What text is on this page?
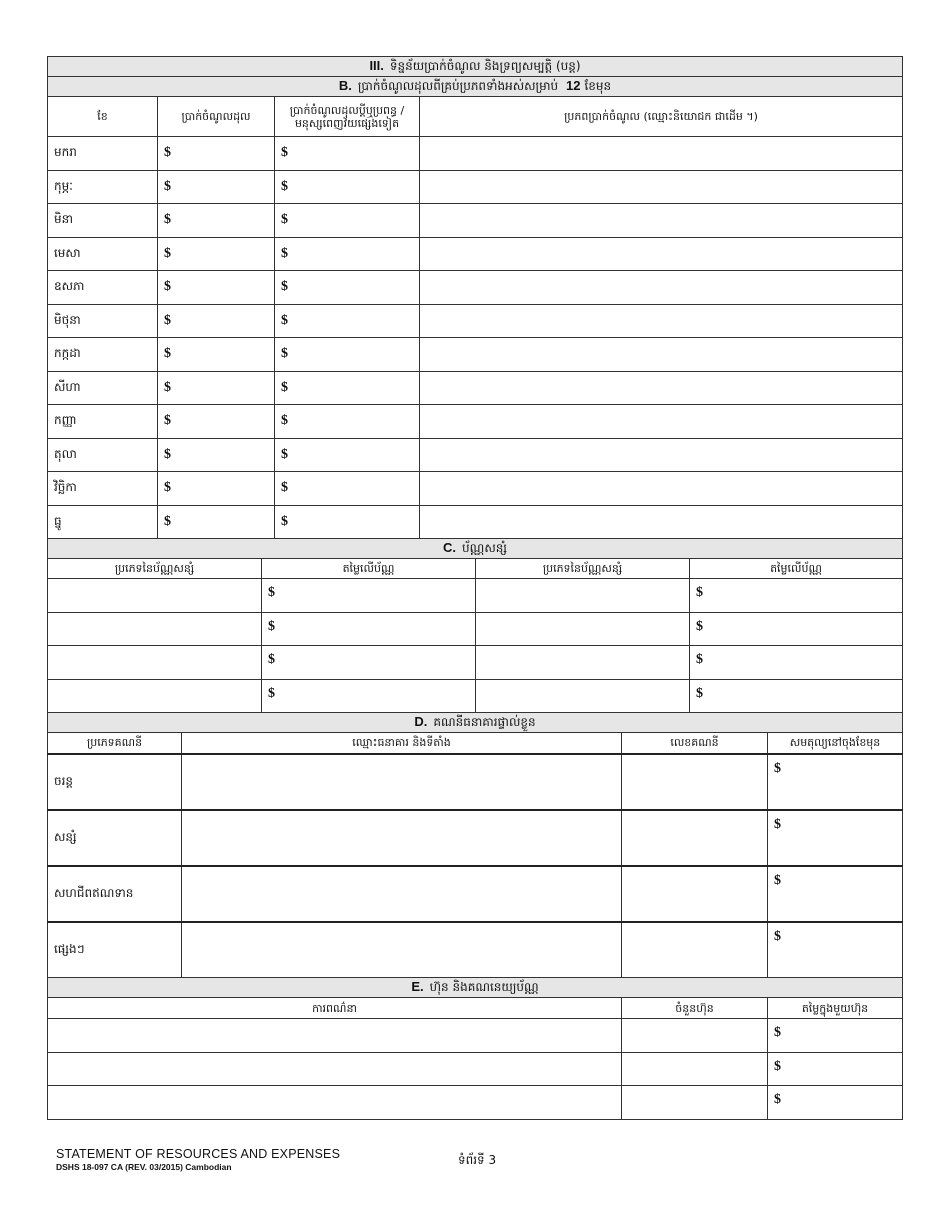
III. ទិន្នន័យប្រាក់ចំណូល និងទ្រព្យសម្បត្តិ (បន្ត)			
B. ប្រាក់ចំណូលដុលពីគ្រប់ប្រភពទាំងអស់សម្រាប់ 12 ខែមុន			
ខែ	ប្រាក់ចំណូលដុល	ប្រាក់ចំណូលដុលប្តីឬប្រពន្ធ / មនុស្សពេញវ័យផ្សេងទៀត	ប្រភពប្រាក់ចំណូល (ឈ្មោះនិយោជក ជាដើម ។)
មករា	$	$	
កុម្ភៈ	$	$	
មិនា	$	$	
មេសា	$	$	
ឧសភា	$	$	
មិថុនា	$	$	
កក្កដា	$	$	
សីហា	$	$	
កញ្ញា	$	$	
តុលា	$	$	
វិច្ឆិកា	$	$	
ធ្នូ	$	$	
C. ប័ណ្ណសន្សំ			
ប្រភេទនៃប័ណ្ណសន្សំ	តម្លៃលើប័ណ្ណ	ប្រភេទនៃប័ណ្ណសន្សំ	តម្លៃលើប័ណ្ណ
	$		$
	$		$
	$		$
	$		$
D. គណនីធនាគារផ្ទាល់ខ្លួន			
ប្រភេទគណនី	ឈ្មោះធនាគារ និងទីតាំង	លេខគណនី	សមតុល្យនៅចុងខែមុន
ចរន្ត			$
សន្សំ			$
សហជីពឥណទាន			$
ផ្សេងៗ			$
E. ហ៊ុន និងគណនេយ្យប័ណ្ណ		
ការពណ៌នា	ចំនួនហ៊ុន	តម្លៃក្នុងមួយហ៊ុន
		$
		$
		$
STATEMENT OF RESOURCES AND EXPENSES
DSHS 18-097 CA (REV. 03/2015) Cambodian	ទំព័រទី 3
